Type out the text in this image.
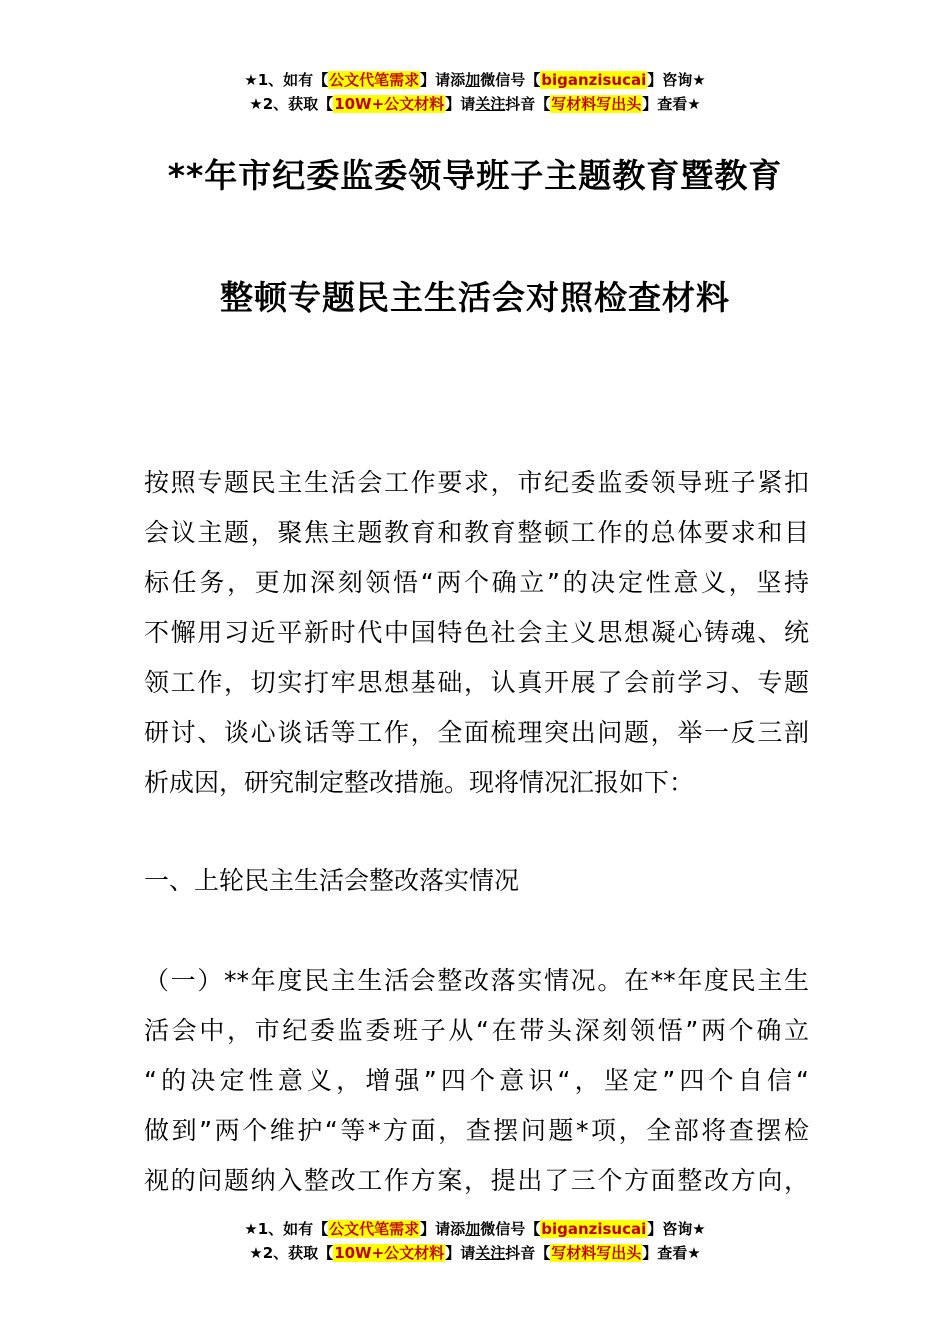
★1、如有【公文代笔需求】请添加微信号【biganzisucai】咨询★
★2、获取【10W+公文材料】请关注抖音【写材料写出头】查看★
**年市纪委监委领导班子主题教育暨教育
整顿专题民主生活会对照检查材料
按照专题民主生活会工作要求，市纪委监委领导班子紧扣
会议主题，聚焦主题教育和教育整顿工作的总体要求和目
标任务，更加深刻领悟“两个确立”的决定性意义，坚持
不懈用习近平新时代中国特色社会主义思想凝心铸魂、统
领工作，切实打牢思想基础，认真开展了会前学习、专题
研讨、谈心谈话等工作，全面梳理突出问题，举一反三剖
析成因，研究制定整改措施。现将情况汇报如下：
一、上轮民主生活会整改落实情况
（一）**年度民主生活会整改落实情况。在**年度民主生
活会中，市纪委监委班子从“在带头深刻领悟”两个确立
“的决定性意义，增强”四个意识“，坚定”四个自信“
做到”两个维护“等*方面，查摆问题*项，全部将查摆检
视的问题纳入整改工作方案，提出了三个方面整改方向，
★1、如有【公文代笔需求】请添加微信号【biganzisucai】咨询★
★2、获取【10W+公文材料】请关注抖音【写材料写出头】查看★
